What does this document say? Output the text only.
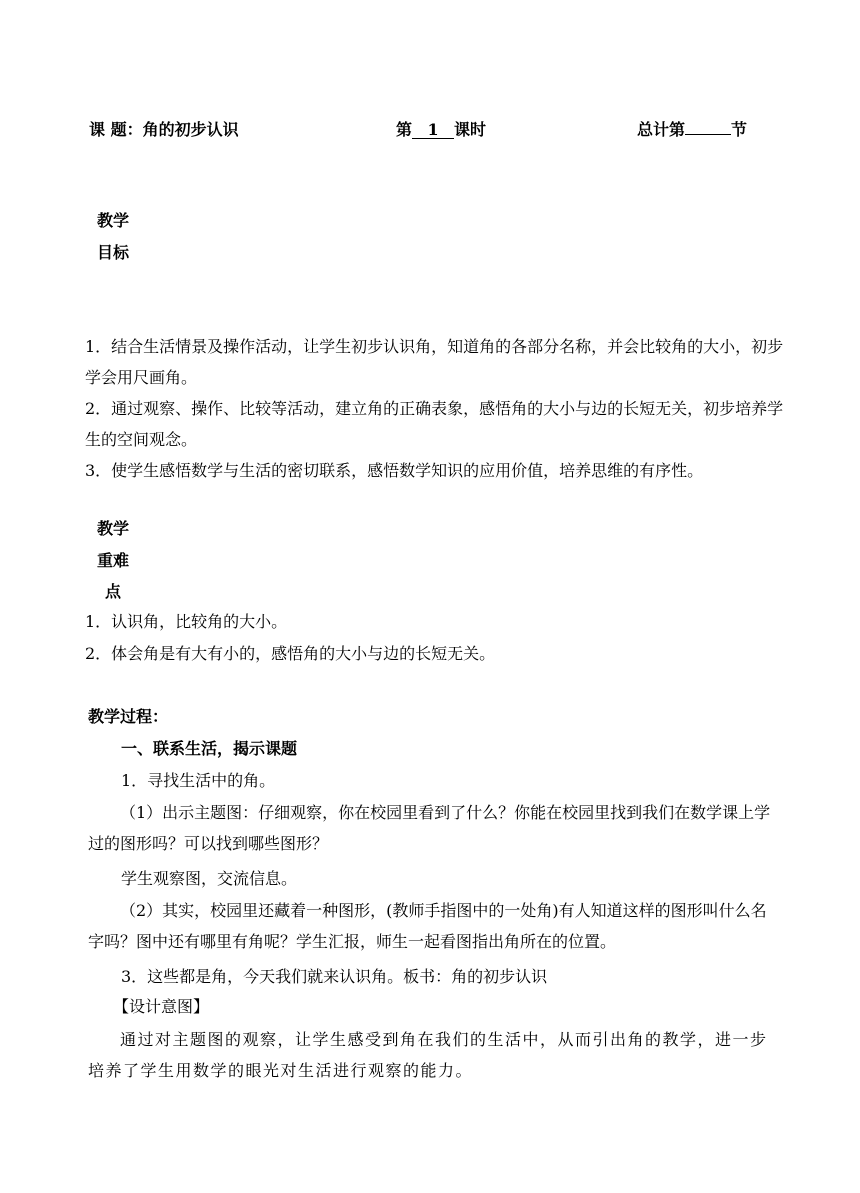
课 题：角的初步认识	第 1 课时	总计第	节
教学
目标
1．结合生活情景及操作活动，让学生初步认识角，知道角的各部分名称，并会比较角的大小，初步学会用尺画角。
2．通过观察、操作、比较等活动，建立角的正确表象，感悟角的大小与边的长短无关，初步培养学生的空间观念。
3．使学生感悟数学与生活的密切联系，感悟数学知识的应用价值，培养思维的有序性。
教学
重难
点
1．认识角，比较角的大小。
2．体会角是有大有小的，感悟角的大小与边的长短无关。
教学过程：
一、联系生活，揭示课题
1．寻找生活中的角。
（1）出示主题图：仔细观察，你在校园里看到了什么？你能在校园里找到我们在数学课上学过的图形吗？可以找到哪些图形？
学生观察图，交流信息。
（2）其实，校园里还藏着一种图形，(教师手指图中的一处角)有人知道这样的图形叫什么名字吗？图中还有哪里有角呢？学生汇报，师生一起看图指出角所在的位置。
3．这些都是角，今天我们就来认识角。板书：角的初步认识
【设计意图】
通过对主题图的观察，让学生感受到角在我们的生活中，从而引出角的教学，进一步培养了学生用数学的眼光对生活进行观察的能力。
